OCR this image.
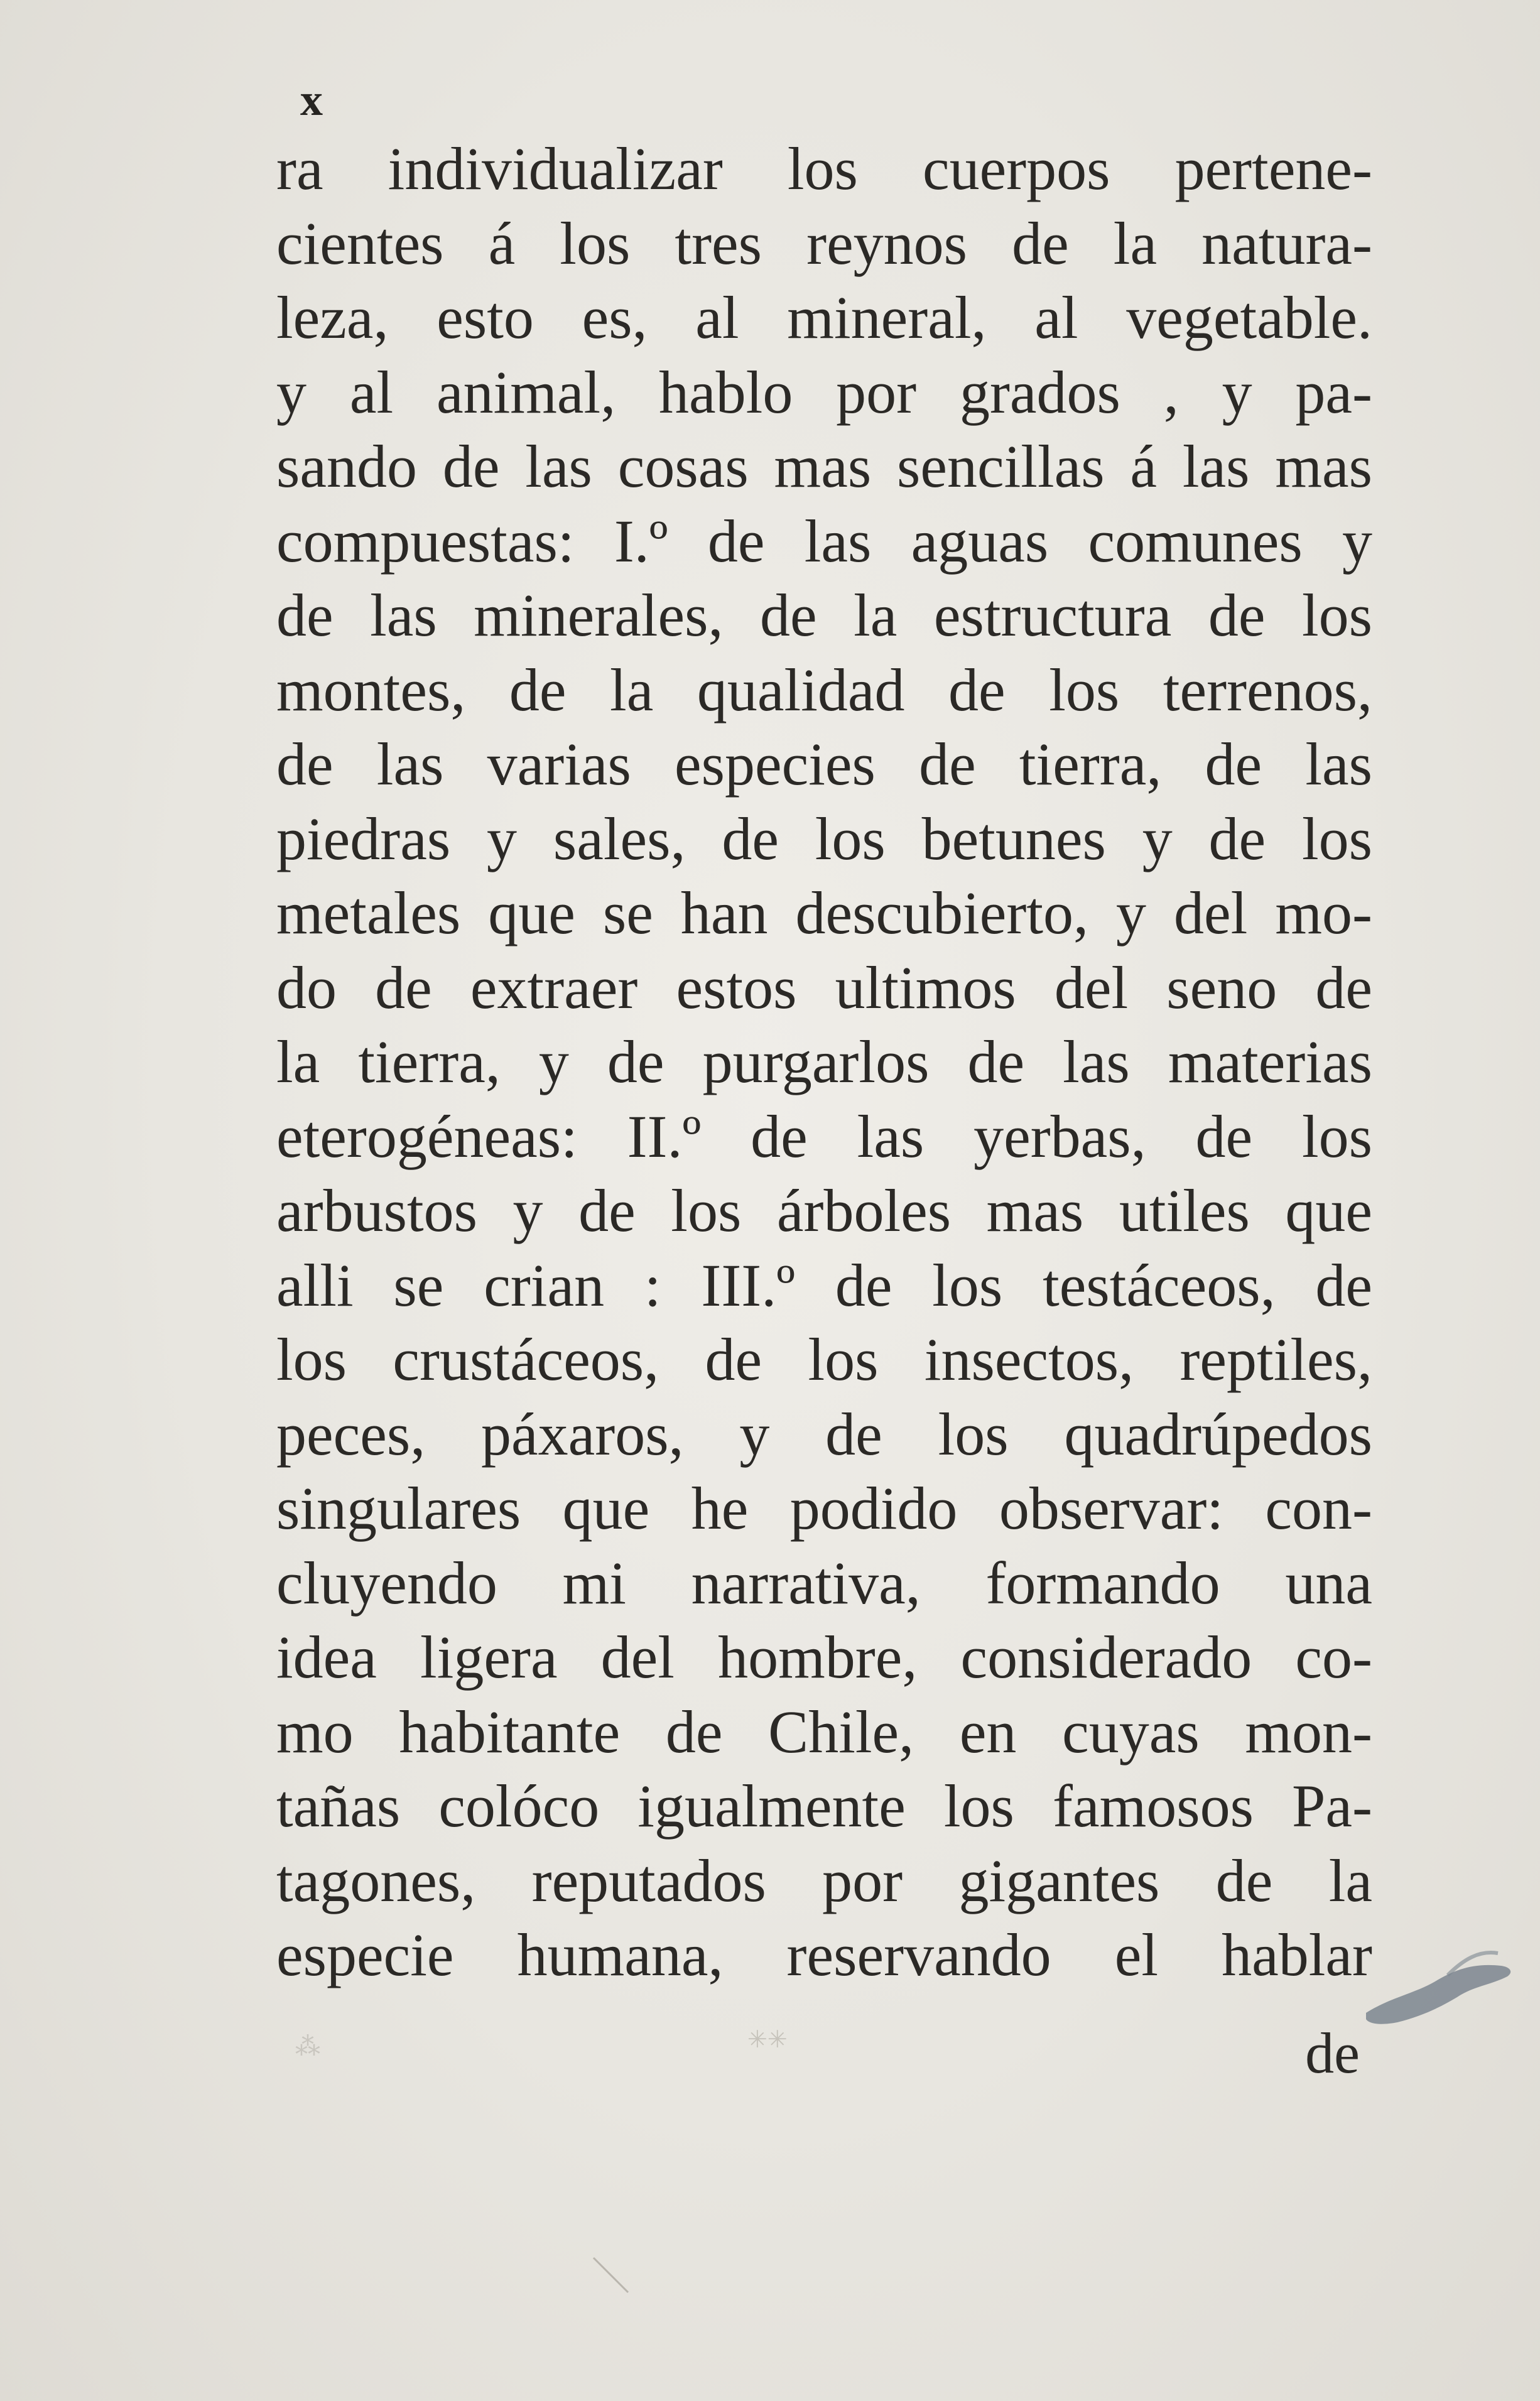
x
ra individualizar los cuerpos pertene-
cientes á los tres reynos de la natura-
leza, esto es, al mineral, al vegetable.
y al animal, hablo por grados , y pa-
sando de las cosas mas sencillas á las mas
compuestas: I.º de las aguas comunes y
de las minerales, de la estructura de los
montes, de la qualidad de los terrenos,
de las varias especies de tierra, de las
piedras y sales, de los betunes y de los
metales que se han descubierto, y del mo-
do de extraer estos ultimos del seno de
la tierra, y de purgarlos de las materias
eterogéneas: II.º de las yerbas, de los
arbustos y de los árboles mas utiles que
alli se crian : III.º de los testáceos, de
los crustáceos, de los insectos, reptiles,
peces, páxaros, y de los quadrúpedos
singulares que he podido observar: con-
cluyendo mi narrativa, formando una
idea ligera del hombre, considerado co-
mo habitante de Chile, en cuyas mon-
tañas colóco igualmente los famosos Pa-
tagones, reputados por gigantes de la
especie humana, reservando el hablar
⁂	✳✳	de
